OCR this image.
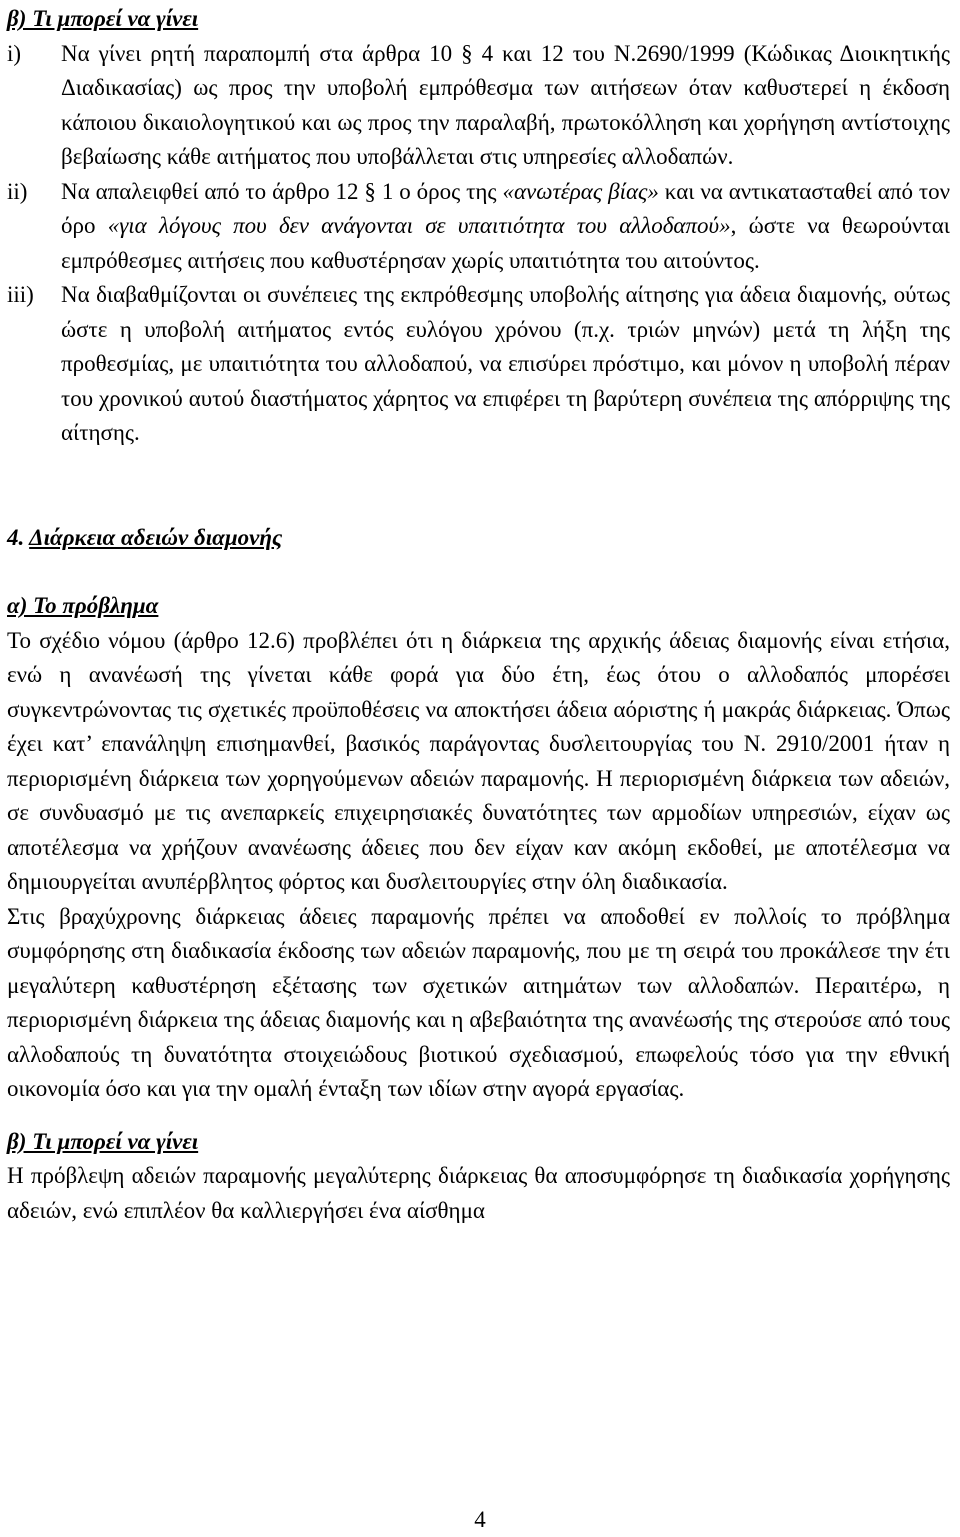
β) Τι μπορεί να γίνει

i)	Να γίνει ρητή παραπομπή στα άρθρα 10 § 4 και 12 του Ν.2690/1999 (Κώδικας Διοικητικής Διαδικασίας) ως προς την υποβολή εμπρόθεσμα των αιτήσεων όταν καθυστερεί η έκδοση κάποιου δικαιολογητικού και ως προς την παραλαβή, πρωτοκόλληση και χορήγηση αντίστοιχης βεβαίωσης κάθε αιτήματος που υποβάλλεται στις υπηρεσίες αλλοδαπών.
ii)	Να απαλειφθεί από το άρθρο 12 § 1 ο όρος της «ανωτέρας βίας» και να αντικατασταθεί από τον όρο «για λόγους που δεν ανάγονται σε υπαιτιότητα του αλλοδαπού», ώστε να θεωρούνται εμπρόθεσμες αιτήσεις που καθυστέρησαν χωρίς υπαιτιότητα του αιτούντος.
iii)	Να διαβαθμίζονται οι συνέπειες της εκπρόθεσμης υποβολής αίτησης για άδεια διαμονής, ούτως ώστε η υποβολή αιτήματος εντός ευλόγου χρόνου (π.χ. τριών μηνών) μετά τη λήξη της προθεσμίας, με υπαιτιότητα του αλλοδαπού, να επισύρει πρόστιμο, και μόνον η υποβολή πέραν του χρονικού αυτού διαστήματος χάρητος να επιφέρει τη βαρύτερη συνέπεια της απόρριψης της αίτησης.

4. Διάρκεια αδειών διαμονής

α) Το πρόβλημα

Το σχέδιο νόμου (άρθρο 12.6) προβλέπει ότι η διάρκεια της αρχικής άδειας διαμονής είναι ετήσια, ενώ η ανανέωσή της γίνεται κάθε φορά για δύο έτη, έως ότου ο αλλοδαπός μπορέσει συγκεντρώνοντας τις σχετικές προϋποθέσεις να αποκτήσει άδεια αόριστης ή μακράς διάρκειας. Όπως έχει κατ’ επανάληψη επισημανθεί, βασικός παράγοντας δυσλειτουργίας του Ν. 2910/2001 ήταν η περιορισμένη διάρκεια των χορηγούμενων αδειών παραμονής. Η περιορισμένη διάρκεια των αδειών, σε συνδυασμό με τις ανεπαρκείς επιχειρησιακές δυνατότητες των αρμοδίων υπηρεσιών, είχαν ως αποτέλεσμα να χρήζουν ανανέωσης άδειες που δεν είχαν καν ακόμη εκδοθεί, με αποτέλεσμα να δημιουργείται ανυπέρβλητος φόρτος και δυσλειτουργίες στην όλη διαδικασία.

Στις βραχύχρονης διάρκειας άδειες παραμονής πρέπει να αποδοθεί εν πολλοίς το πρόβλημα συμφόρησης στη διαδικασία έκδοσης των αδειών παραμονής, που με τη σειρά του προκάλεσε την έτι μεγαλύτερη καθυστέρηση εξέτασης των σχετικών αιτημάτων των αλλοδαπών. Περαιτέρω, η περιορισμένη διάρκεια της άδειας διαμονής και η αβεβαιότητα της ανανέωσής της στερούσε από τους αλλοδαπούς τη δυνατότητα στοιχειώδους βιοτικού σχεδιασμού, επωφελούς τόσο για την εθνική οικονομία όσο και για την ομαλή ένταξη των ιδίων στην αγορά εργασίας.

β) Τι μπορεί να γίνει

Η πρόβλεψη αδειών παραμονής μεγαλύτερης διάρκειας θα αποσυμφόρησε τη διαδικασία χορήγησης αδειών, ενώ επιπλέον θα καλλιεργήσει ένα αίσθημα

4
